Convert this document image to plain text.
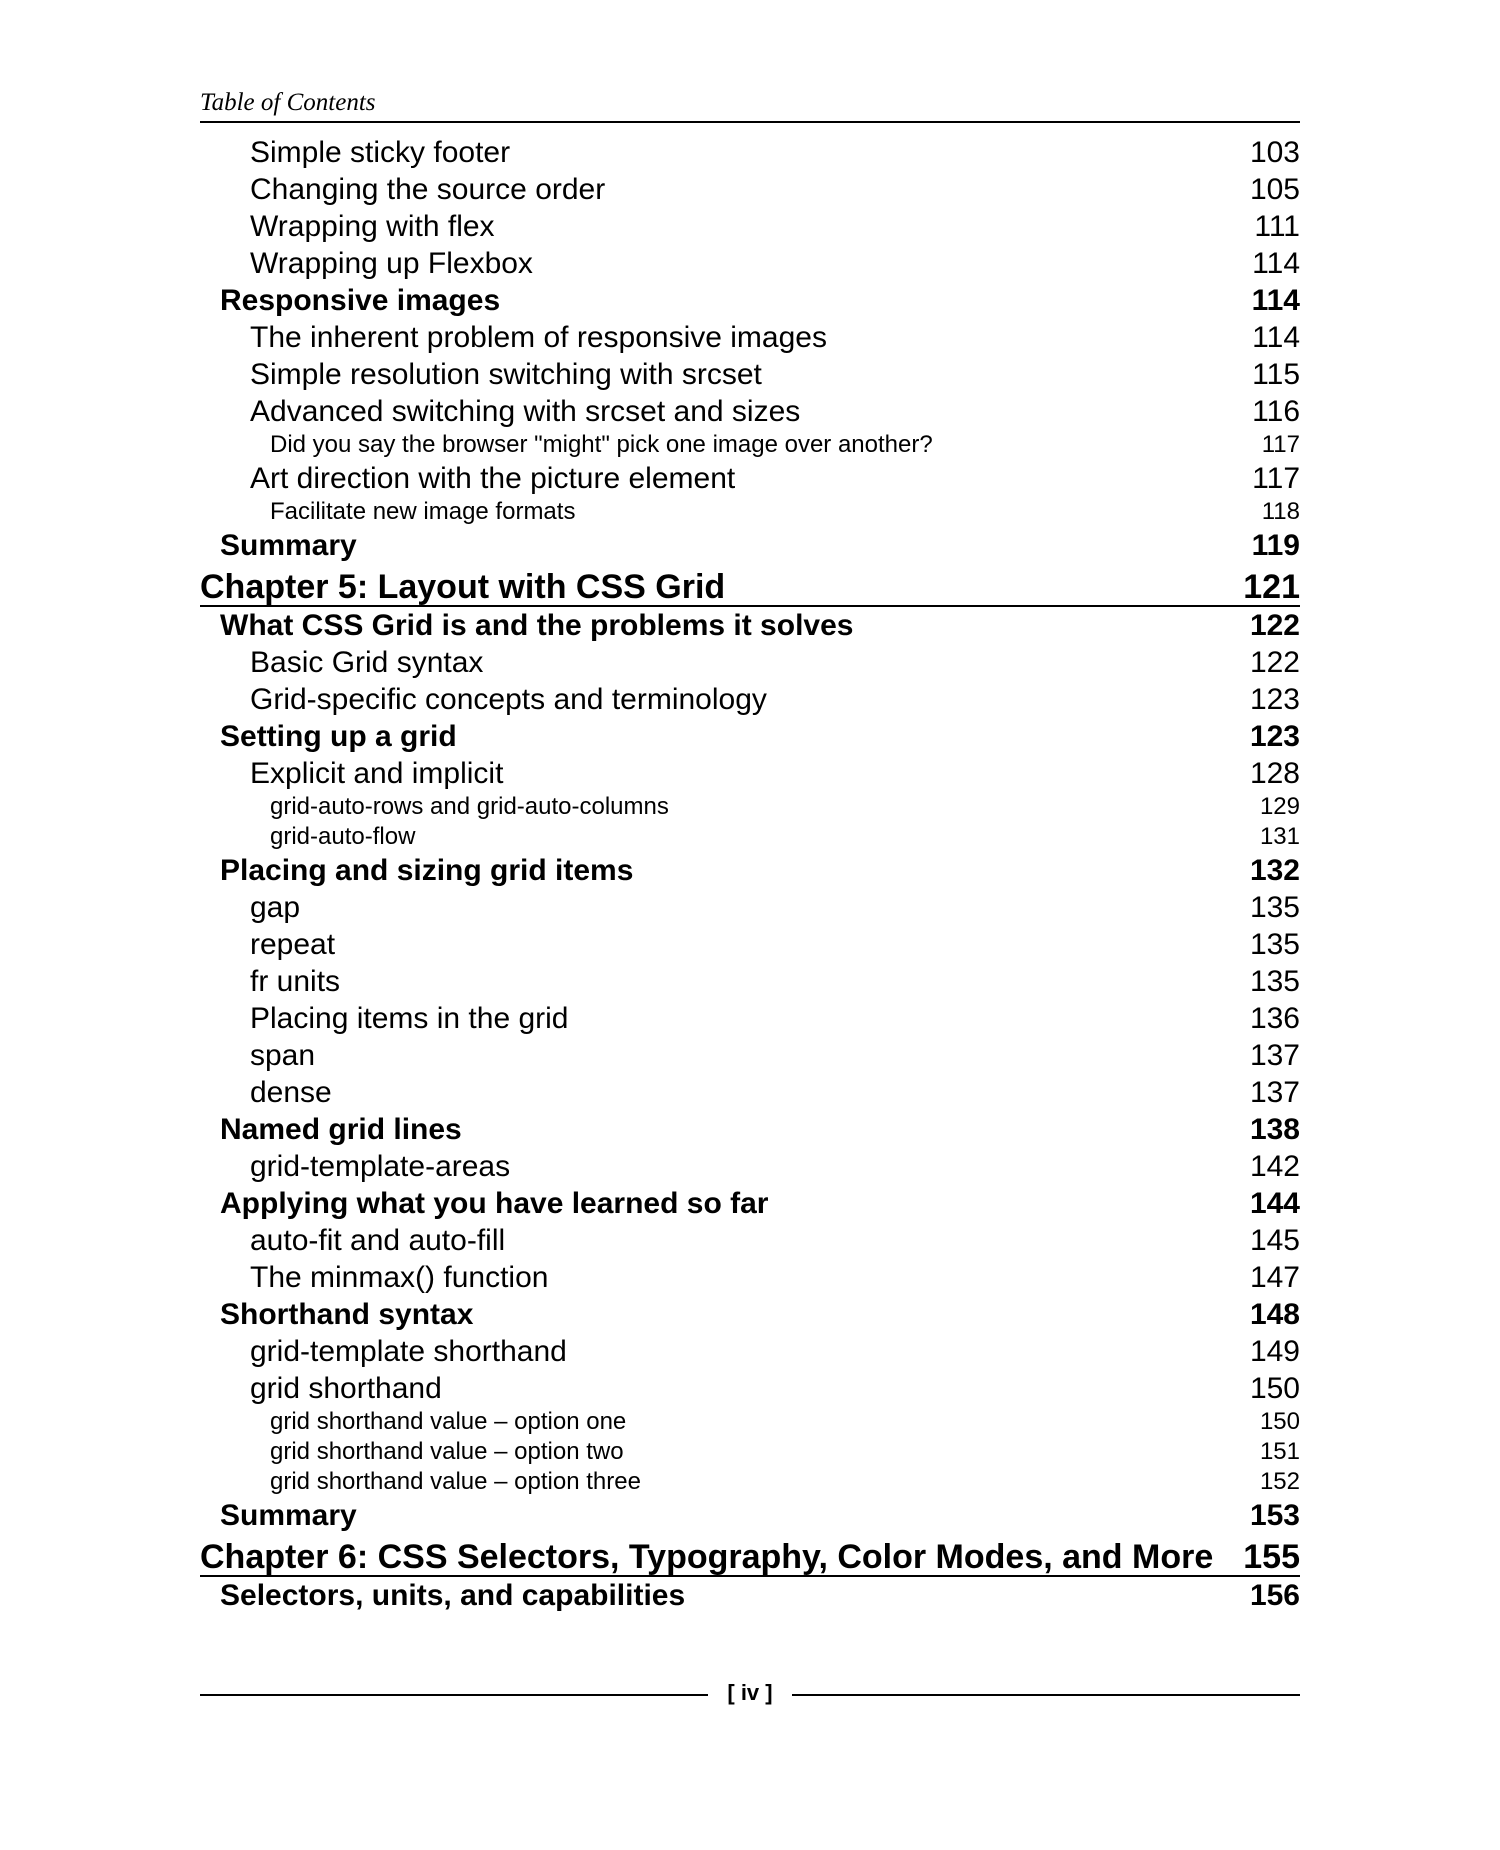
Table of Contents
Simple sticky footer	103
Changing the source order	105
Wrapping with flex	111
Wrapping up Flexbox	114
Responsive images	114
The inherent problem of responsive images	114
Simple resolution switching with srcset	115
Advanced switching with srcset and sizes	116
Did you say the browser "might" pick one image over another?	117
Art direction with the picture element	117
Facilitate new image formats	118
Summary	119
Chapter 5: Layout with CSS Grid	121
What CSS Grid is and the problems it solves	122
Basic Grid syntax	122
Grid-specific concepts and terminology	123
Setting up a grid	123
Explicit and implicit	128
grid-auto-rows and grid-auto-columns	129
grid-auto-flow	131
Placing and sizing grid items	132
gap	135
repeat	135
fr units	135
Placing items in the grid	136
span	137
dense	137
Named grid lines	138
grid-template-areas	142
Applying what you have learned so far	144
auto-fit and auto-fill	145
The minmax() function	147
Shorthand syntax	148
grid-template shorthand	149
grid shorthand	150
grid shorthand value – option one	150
grid shorthand value – option two	151
grid shorthand value – option three	152
Summary	153
Chapter 6: CSS Selectors, Typography, Color Modes, and More 155
Selectors, units, and capabilities	156
[ iv ]
